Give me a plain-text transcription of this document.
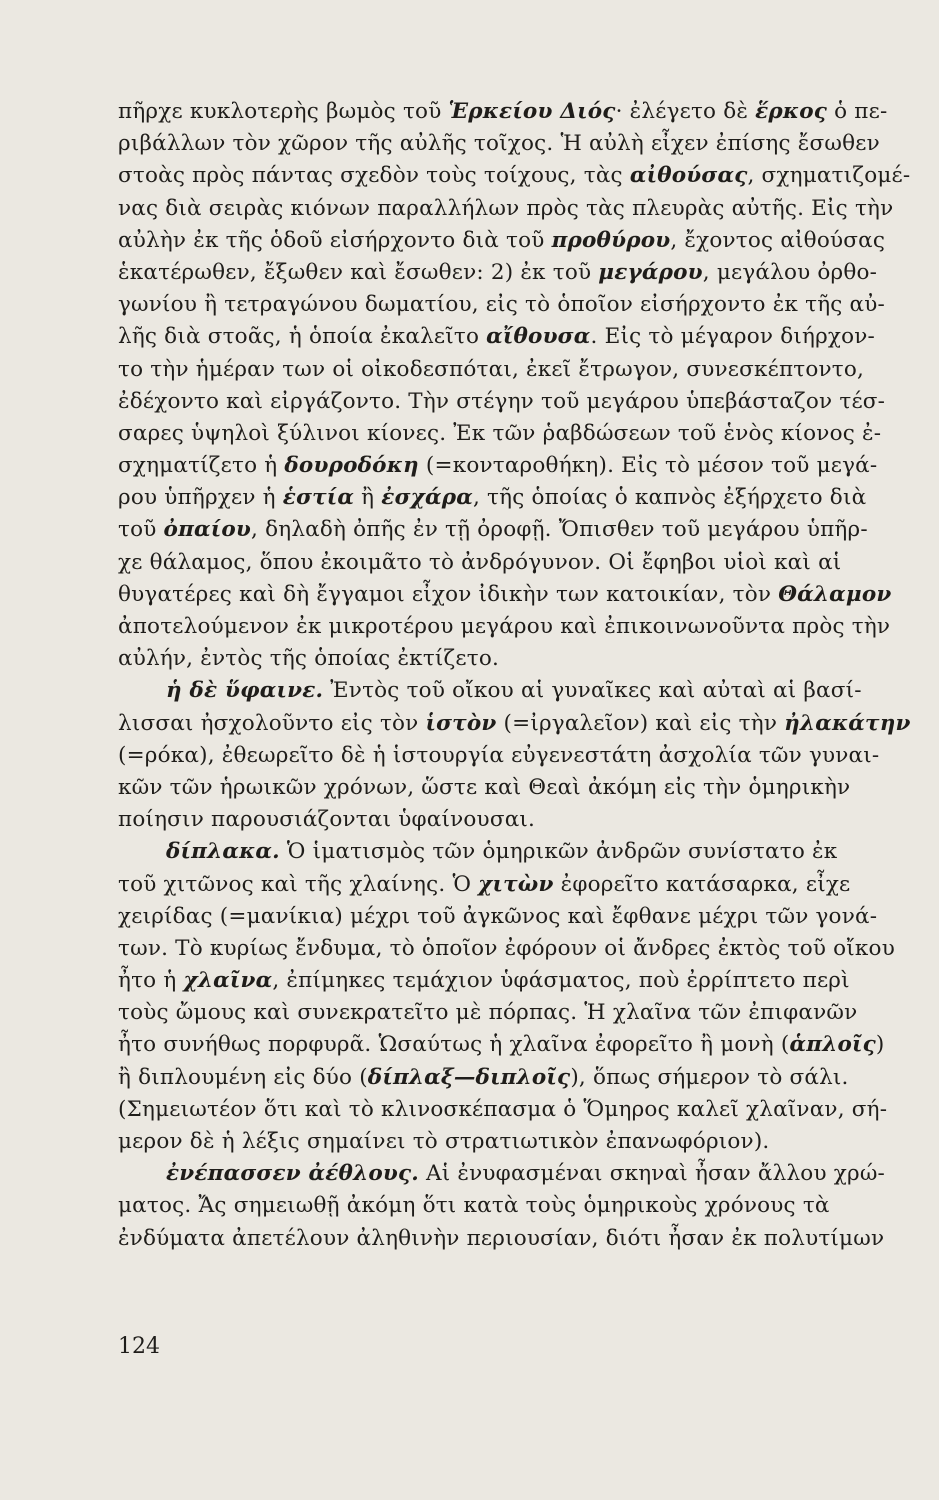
πῆρχε κυκλοτερὴς βωμὸς τοῦ Ἑρκείου Διός· ἐλέγετο δὲ ἕρκος ὁ πε-
ριβάλλων τὸν χῶρον τῆς αὐλῆς τοῖχος. Ἡ αὐλὴ εἶχεν ἐπίσης ἔσωθεν
στοὰς πρὸς πάντας σχεδὸν τοὺς τοίχους, τὰς αἰθούσας, σχηματιζομέ-
νας διὰ σειρὰς κιόνων παραλλήλων πρὸς τὰς πλευρὰς αὐτῆς. Εἰς τὴν
αὐλὴν ἐκ τῆς ὁδοῦ εἰσήρχοντο διὰ τοῦ προθύρου, ἔχοντος αἰθούσας
ἑκατέρωθεν, ἔξωθεν καὶ ἔσωθεν: 2) ἐκ τοῦ μεγάρου, μεγάλου ὀρθο-
γωνίου ἢ τετραγώνου δωματίου, εἰς τὸ ὁποῖον εἰσήρχοντο ἐκ τῆς αὐ-
λῆς διὰ στοᾶς, ἡ ὁποία ἐκαλεῖτο αἴθουσα. Εἰς τὸ μέγαρον διήρχον-
το τὴν ἡμέραν των οἱ οἰκοδεσπόται, ἐκεῖ ἔτρωγον, συνεσκέπτοντο,
ἐδέχοντο καὶ εἰργάζοντο. Τὴν στέγην τοῦ μεγάρου ὑπεβάσταζον τέσ-
σαρες ὑψηλοὶ ξύλινοι κίονες. Ἐκ τῶν ῥαβδώσεων τοῦ ἑνὸς κίονος ἐ-
σχηματίζετο ἡ δουροδόκη (=κονταροθήκη). Εἰς τὸ μέσον τοῦ μεγά-
ρου ὑπῆρχεν ἡ ἑστία ἢ ἐσχάρα, τῆς ὁποίας ὁ καπνὸς ἐξήρχετο διὰ
τοῦ ὀπαίου, δηλαδὴ ὀπῆς ἐν τῇ ὀροφῇ. Ὄπισθεν τοῦ μεγάρου ὑπῆρ-
χε θάλαμος, ὅπου ἐκοιμᾶτο τὸ ἀνδρόγυνον. Οἱ ἔφηβοι υἱοὶ καὶ αἱ
θυγατέρες καὶ δὴ ἔγγαμοι εἶχον ἰδικὴν των κατοικίαν, τὸν Θάλαμον
ἀποτελούμενον ἐκ μικροτέρου μεγάρου καὶ ἐπικοινωνοῦντα πρὸς τὴν
αὐλήν, ἐντὸς τῆς ὁποίας ἐκτίζετο.
ἡ δὲ ὕφαινε. Ἐντὸς τοῦ οἴκου αἱ γυναῖκες καὶ αὐταὶ αἱ βασί-
λισσαι ἠσχολοῦντο εἰς τὸν ἱστὸν (=ἰργαλεῖον) καὶ εἰς τὴν ἠλακάτην
(=ρόκα), ἐθεωρεῖτο δὲ ἡ ἱστουργία εὐγενεστάτη ἀσχολία τῶν γυναι-
κῶν τῶν ἡρωικῶν χρόνων, ὥστε καὶ Θεαὶ ἀκόμη εἰς τὴν ὁμηρικὴν
ποίησιν παρουσιάζονται ὑφαίνουσαι.
δίπλακα. Ὁ ἱματισμὸς τῶν ὁμηρικῶν ἀνδρῶν συνίστατο ἐκ
τοῦ χιτῶνος καὶ τῆς χλαίνης. Ὁ χιτὼν ἐφορεῖτο κατάσαρκα, εἶχε
χειρίδας (=μανίκια) μέχρι τοῦ ἀγκῶνος καὶ ἔφθανε μέχρι τῶν γονά-
των. Τὸ κυρίως ἔνδυμα, τὸ ὁποῖον ἐφόρουν οἱ ἄνδρες ἐκτὸς τοῦ οἴκου
ἦτο ἡ χλαῖνα, ἐπίμηκες τεμάχιον ὑφάσματος, ποὺ ἐρρίπτετο περὶ
τοὺς ὤμους καὶ συνεκρατεῖτο μὲ πόρπας. Ἡ χλαῖνα τῶν ἐπιφανῶν
ἦτο συνήθως πορφυρᾶ. Ὡσαύτως ἡ χλαῖνα ἐφορεῖτο ἢ μονὴ (ἁπλοῖς)
ἢ διπλουμένη εἰς δύο (δίπλαξ—διπλοῖς), ὅπως σήμερον τὸ σάλι.
(Σημειωτέον ὅτι καὶ τὸ κλινοσκέπασμα ὁ Ὅμηρος καλεῖ χλαῖναν, σή-
μερον δὲ ἡ λέξις σημαίνει τὸ στρατιωτικὸν ἐπανωφόριον).
ἐνέπασσεν ἀέθλους. Αἱ ἐνυφασμέναι σκηναὶ ἦσαν ἄλλου χρώ-
ματος. Ἄς σημειωθῇ ἀκόμη ὅτι κατὰ τοὺς ὁμηρικοὺς χρόνους τὰ
ἐνδύματα ἀπετέλουν ἀληθινὴν περιουσίαν, διότι ἦσαν ἐκ πολυτίμων
124
